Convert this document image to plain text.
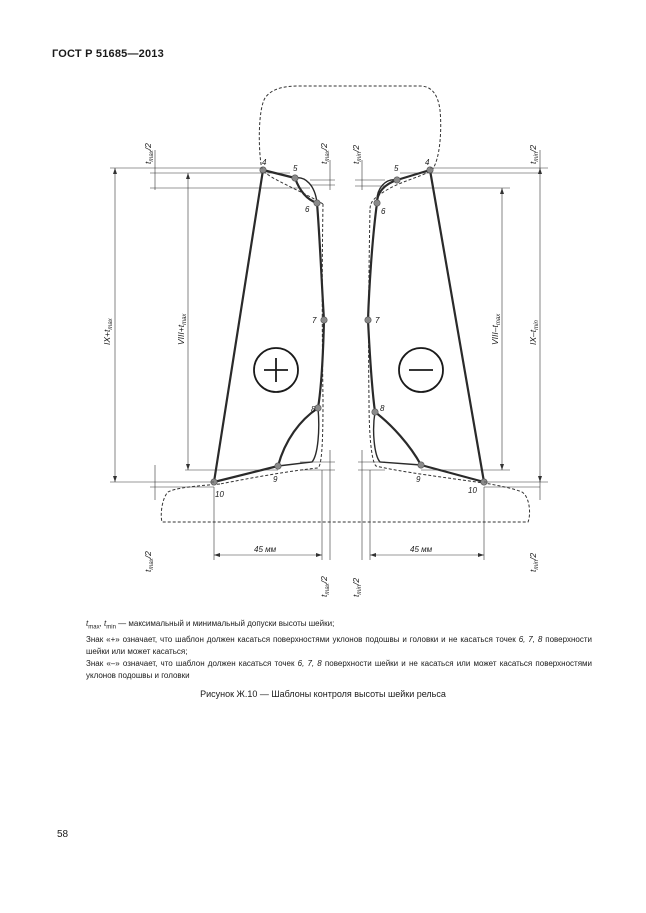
ГОСТ Р 51685—2013
4
5
6
7
8
9
10
4
5
6
7
8
9
10
$IX+t_{max}$
$VIII+t_{max}$
VIII–$t_{max}$
$IX-t_{min}$
$t_{max}/2$
$t_{max}/2$
$t_{min}/2$
$t_{min}/2$
$t_{max}/2$
$t_{max}/2$
$t_{min}/2$
$t_{min}/2$
45 мм	45 мм

$t_{max}$, $t_{min}$ — максимальный и минимальный допуски высоты шейки;

Знак «+» означает, что шаблон должен касаться поверхностями уклонов подошвы и головки и не касаться точек 6, 7, 8 поверхности шейки или может касаться;

Знак «–» означает, что шаблон должен касаться точек 6, 7, 8 поверхности шейки и не касаться или может касаться поверхностями уклонов подошвы и головки

Рисунок Ж.10 — Шаблоны контроля высоты шейки рельса
58
